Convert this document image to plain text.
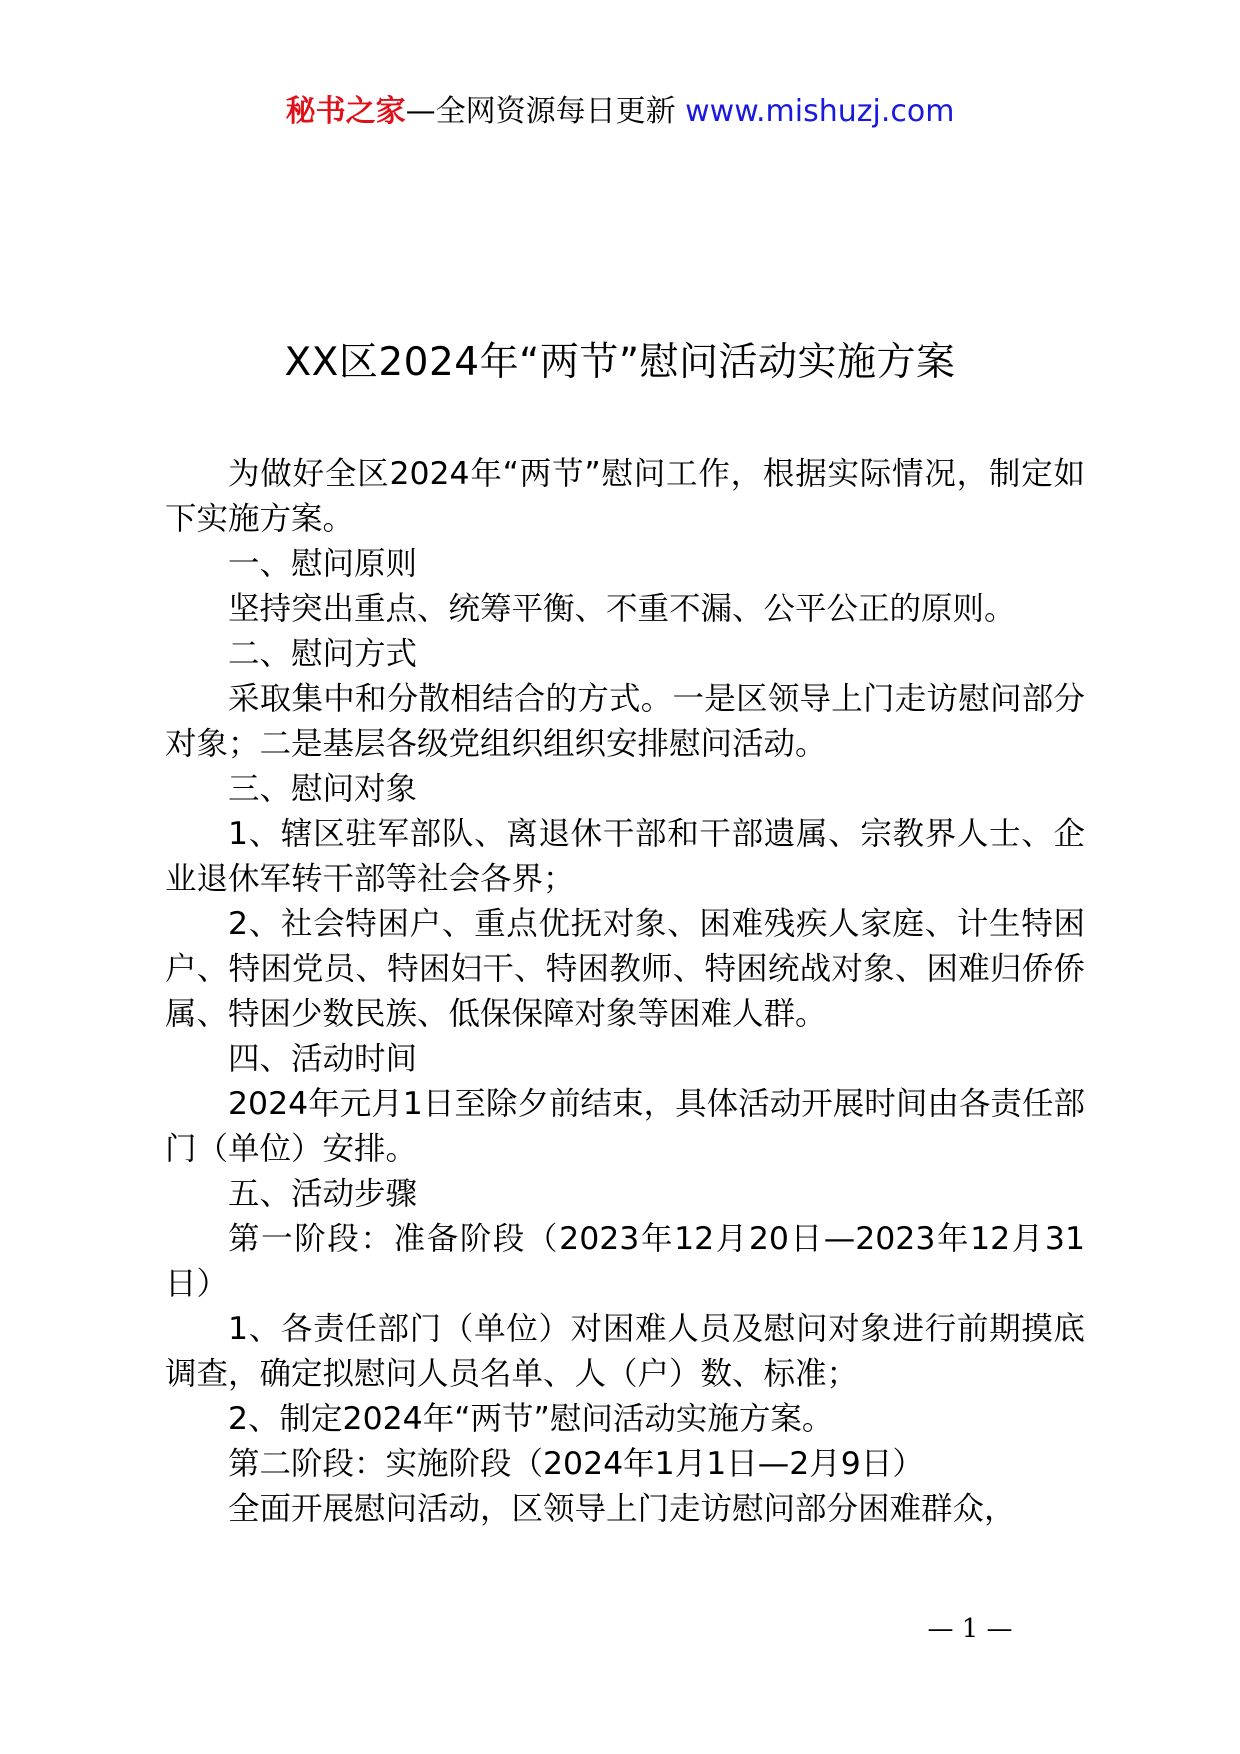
秘书之家—全网资源每日更新 www.mishuzj.com
XX区2024年“两节”慰问活动实施方案

为做好全区2024年“两节”慰问工作，根据实际情况，制定如下实施方案。

一、慰问原则

坚持突出重点、统筹平衡、不重不漏、公平公正的原则。

二、慰问方式

采取集中和分散相结合的方式。一是区领导上门走访慰问部分对象；二是基层各级党组织组织安排慰问活动。

三、慰问对象

1、辖区驻军部队、离退休干部和干部遗属、宗教界人士、企业退休军转干部等社会各界；

2、社会特困户、重点优抚对象、困难残疾人家庭、计生特困户、特困党员、特困妇干、特困教师、特困统战对象、困难归侨侨属、特困少数民族、低保保障对象等困难人群。

四、活动时间

2024年元月1日至除夕前结束，具体活动开展时间由各责任部门（单位）安排。

五、活动步骤

第一阶段：准备阶段（2023年12月20日—2023年12月31日）

1、各责任部门（单位）对困难人员及慰问对象进行前期摸底调查，确定拟慰问人员名单、人（户）数、标准；

2、制定2024年“两节”慰问活动实施方案。

第二阶段：实施阶段（2024年1月1日—2月9日）

全面开展慰问活动，区领导上门走访慰问部分困难群众，

— 1 —
